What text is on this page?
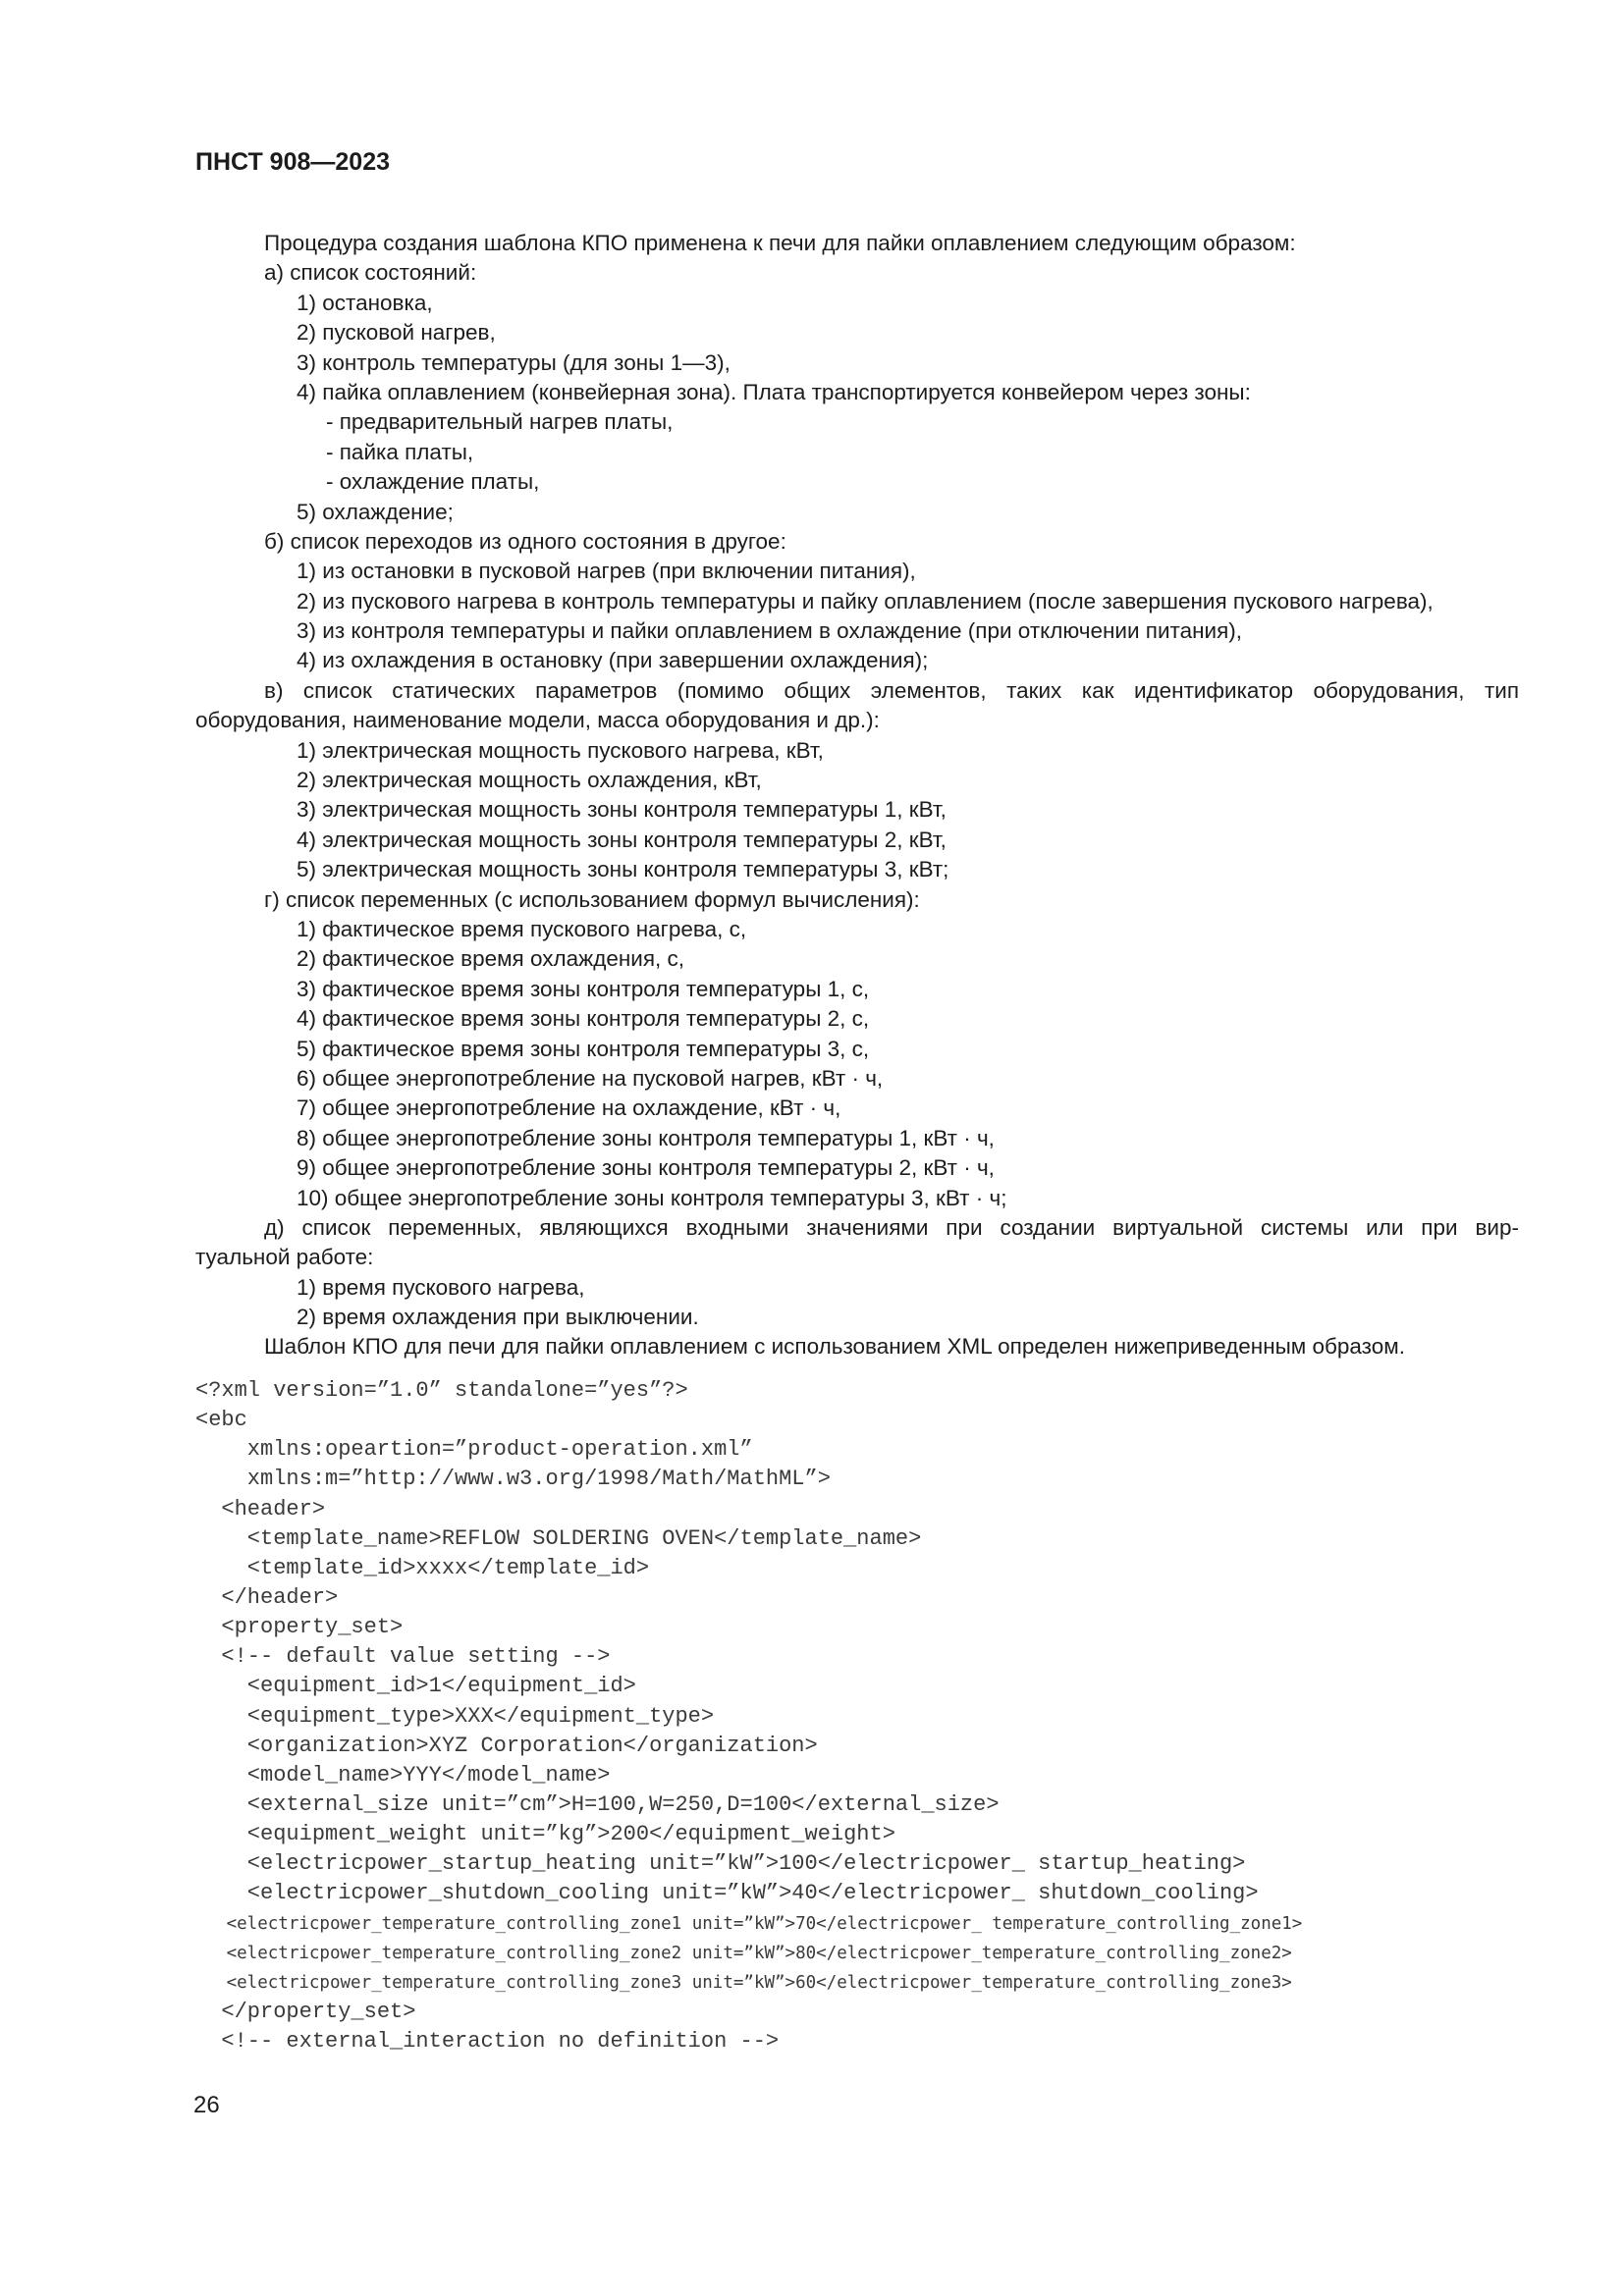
ПНСТ 908—2023
Процедура создания шаблона КПО применена к печи для пайки оплавлением следующим образом:
а) список состояний:
1) остановка,
2) пусковой нагрев,
3) контроль температуры (для зоны 1—3),
4) пайка оплавлением (конвейерная зона). Плата транспортируется конвейером через зоны:
- предварительный нагрев платы,
- пайка платы,
- охлаждение платы,
5) охлаждение;
б) список переходов из одного состояния в другое:
1) из остановки в пусковой нагрев (при включении питания),
2) из пускового нагрева в контроль температуры и пайку оплавлением (после завершения пускового нагрева),
3) из контроля температуры и пайки оплавлением в охлаждение (при отключении питания),
4) из охлаждения в остановку (при завершении охлаждения);
в) список статических параметров (помимо общих элементов, таких как идентификатор оборудования, тип
оборудования, наименование модели, масса оборудования и др.):
1) электрическая мощность пускового нагрева, кВт,
2) электрическая мощность охлаждения, кВт,
3) электрическая мощность зоны контроля температуры 1, кВт,
4) электрическая мощность зоны контроля температуры 2, кВт,
5) электрическая мощность зоны контроля температуры 3, кВт;
г) список переменных (с использованием формул вычисления):
1) фактическое время пускового нагрева, с,
2) фактическое время охлаждения, с,
3) фактическое время зоны контроля температуры 1, с,
4) фактическое время зоны контроля температуры 2, с,
5) фактическое время зоны контроля температуры 3, с,
6) общее энергопотребление на пусковой нагрев, кВт · ч,
7) общее энергопотребление на охлаждение, кВт · ч,
8) общее энергопотребление зоны контроля температуры 1, кВт · ч,
9) общее энергопотребление зоны контроля температуры 2, кВт · ч,
10) общее энергопотребление зоны контроля температуры 3, кВт · ч;
д) список переменных, являющихся входными значениями при создании виртуальной системы или при вир-
туальной работе:
1) время пускового нагрева,
2) время охлаждения при выключении.
Шаблон КПО для печи для пайки оплавлением с использованием XML определен нижеприведенным образом.
<?xml version=”1.0” standalone=”yes”?>
<ebc
xmlns:opeartion=”product-operation.xml”
xmlns:m=”http://www.w3.org/1998/Math/MathML”>
<header>
<template_name>REFLOW SOLDERING OVEN</template_name>
<template_id>xxxx</template_id>
</header>
<property_set>
<!-- default value setting -->
<equipment_id>1</equipment_id>
<equipment_type>XXX</equipment_type>
<organization>XYZ Corporation</organization>
<model_name>YYY</model_name>
<external_size unit=”cm”>H=100,W=250,D=100</external_size>
<equipment_weight unit=”kg”>200</equipment_weight>
<electricpower_startup_heating unit=”kW”>100</electricpower_ startup_heating>
<electricpower_shutdown_cooling unit=”kW”>40</electricpower_ shutdown_cooling>
<electricpower_temperature_controlling_zone1 unit=”kW”>70</electricpower_ temperature_controlling_zone1>
<electricpower_temperature_controlling_zone2 unit=”kW”>80</electricpower_temperature_controlling_zone2>
<electricpower_temperature_controlling_zone3 unit=”kW”>60</electricpower_temperature_controlling_zone3>
</property_set>
<!-- external_interaction no definition -->
26
